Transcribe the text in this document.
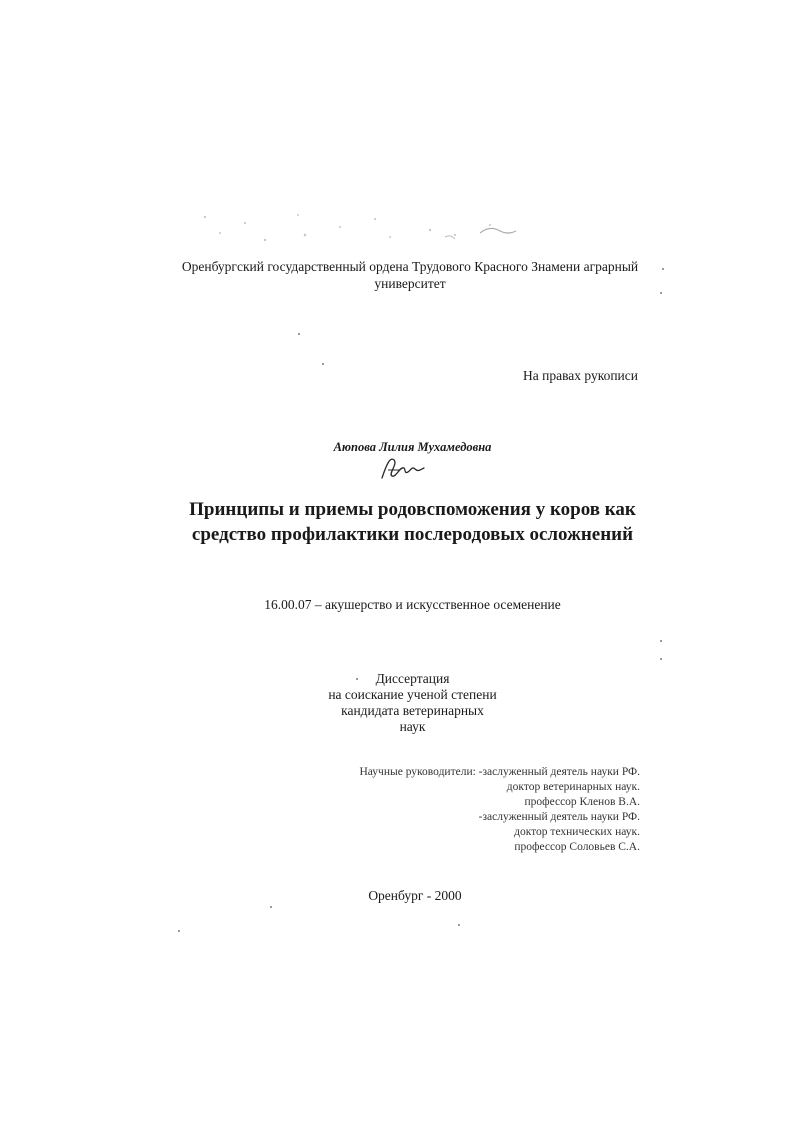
Оренбургский государственный ордена Трудового Красного Знамени аграрный
университет
На правах рукописи
Аюпова Лилия Мухамедовна
Принципы и приемы родовспоможения у коров как
средство профилактики послеродовых осложнений
16.00.07 – акушерство и искусственное осеменение
Диссертация
на соискание ученой степени
кандидата ветеринарных
наук
Научные руководители: -заслуженный деятель науки РФ.
доктор ветеринарных наук.
профессор Кленов В.А.
-заслуженный деятель науки РФ.
доктор технических наук.
профессор Соловьев С.А.
Оренбург - 2000
